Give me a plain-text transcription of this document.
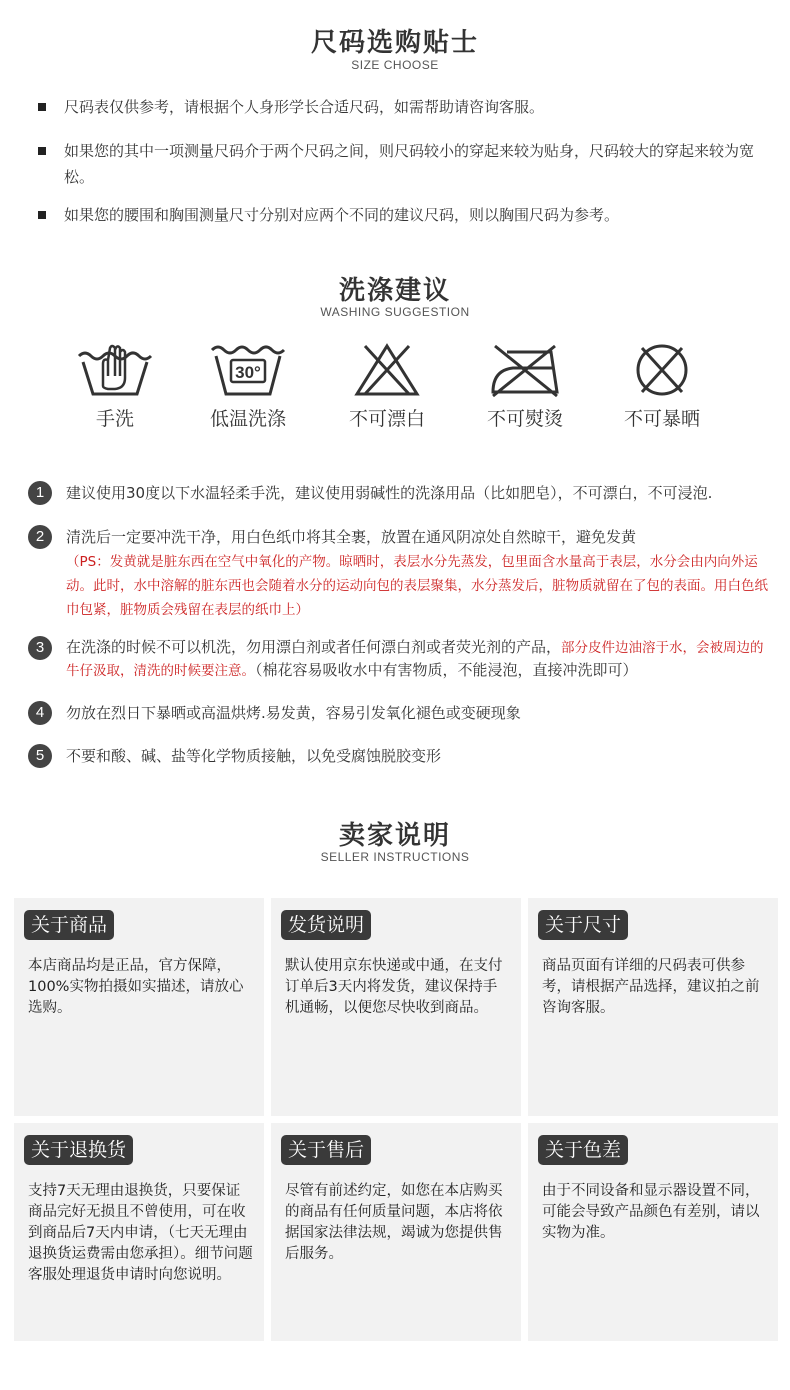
尺码选购贴士
SIZE CHOOSE
尺码表仅供参考，请根据个人身形学长合适尺码，如需帮助请咨询客服。
如果您的其中一项测量尺码介于两个尺码之间，则尺码较小的穿起来较为贴身，尺码较大的穿起来较为宽松。
如果您的腰围和胸围测量尺寸分别对应两个不同的建议尺码，则以胸围尺码为参考。
洗涤建议
WASHING SUGGESTION
手洗
30°
低温洗涤	不可漂白	不可熨烫	不可暴晒
1	建议使用30度以下水温轻柔手洗，建议使用弱碱性的洗涤用品（比如肥皂），不可漂白，不可浸泡.
2	清洗后一定要冲洗干净，用白色纸巾将其全裹，放置在通风阴凉处自然晾干，避免发黄
（PS：发黄就是脏东西在空气中氧化的产物。晾晒时，表层水分先蒸发，包里面含水量高于表层，水分会由内向外运动。此时，水中溶解的脏东西也会随着水分的运动向包的表层聚集，水分蒸发后，脏物质就留在了包的表面。用白色纸巾包紧，脏物质会残留在表层的纸巾上）
3	在洗涤的时候不可以机洗，勿用漂白剂或者任何漂白剂或者荧光剂的产品，部分皮件边油溶于水，会被周边的牛仔汲取，清洗的时候要注意。（棉花容易吸收水中有害物质，不能浸泡，直接冲洗即可）
4	勿放在烈日下暴晒或高温烘烤.易发黄，容易引发氧化褪色或变硬现象
5	不要和酸、碱、盐等化学物质接触，以免受腐蚀脱胶变形
卖家说明
SELLER INSTRUCTIONS
关于商品
本店商品均是正品，官方保障，100%实物拍摄如实描述，请放心选购。
发货说明
默认使用京东快递或中通，在支付订单后3天内将发货，建议保持手机通畅，以便您尽快收到商品。
关于尺寸
商品页面有详细的尺码表可供参考，请根据产品选择，建议拍之前咨询客服。
关于退换货
支持7天无理由退换货，只要保证商品完好无损且不曾使用，可在收到商品后7天内申请，（七天无理由退换货运费需由您承担）。细节问题客服处理退货申请时向您说明。
关于售后
尽管有前述约定，如您在本店购买的商品有任何质量问题，本店将依据国家法律法规，竭诚为您提供售后服务。
关于色差
由于不同设备和显示器设置不同，可能会导致产品颜色有差别，请以实物为准。
